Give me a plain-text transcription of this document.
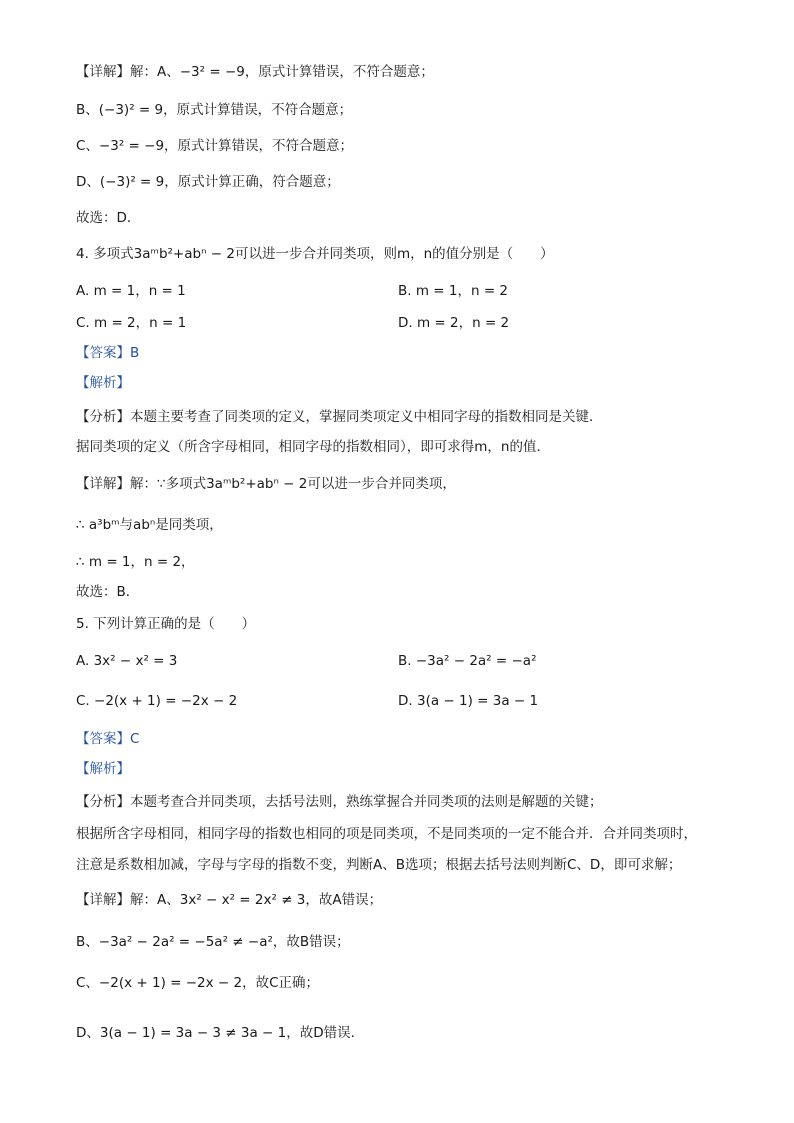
【详解】解：A、−3² = −9，原式计算错误，不符合题意；
B、(−3)² = 9，原式计算错误，不符合题意；
C、−3² = −9，原式计算错误，不符合题意；
D、(−3)² = 9，原式计算正确，符合题意；
故选：D．
4. 多项式3aᵐb²+abⁿ − 2可以进一步合并同类项，则m，n的值分别是（　　）
A. m = 1，n = 1	B. m = 1，n = 2
C. m = 2，n = 1	D. m = 2，n = 2
【答案】B
【解析】
【分析】本题主要考查了同类项的定义，掌握同类项定义中相同字母的指数相同是关键．
据同类项的定义（所含字母相同，相同字母的指数相同），即可求得m，n的值．
【详解】解：∵多项式3aᵐb²+abⁿ − 2可以进一步合并同类项，
∴ a³bᵐ与abⁿ是同类项，
∴ m = 1，n = 2，
故选：B．
5. 下列计算正确的是（　　）
A. 3x² − x² = 3	B. −3a² − 2a² = −a²
C. −2(x + 1) = −2x − 2	D. 3(a − 1) = 3a − 1
【答案】C
【解析】
【分析】本题考查合并同类项，去括号法则，熟练掌握合并同类项的法则是解题的关键；
根据所含字母相同，相同字母的指数也相同的项是同类项，不是同类项的一定不能合并．合并同类项时，
注意是系数相加减，字母与字母的指数不变，判断A、B选项；根据去括号法则判断C、D，即可求解；
【详解】解：A、3x² − x² = 2x² ≠ 3，故A错误；
B、−3a² − 2a² = −5a² ≠ −a²，故B错误；
C、−2(x + 1) = −2x − 2，故C正确；
D、3(a − 1) = 3a − 3 ≠ 3a − 1，故D错误．
